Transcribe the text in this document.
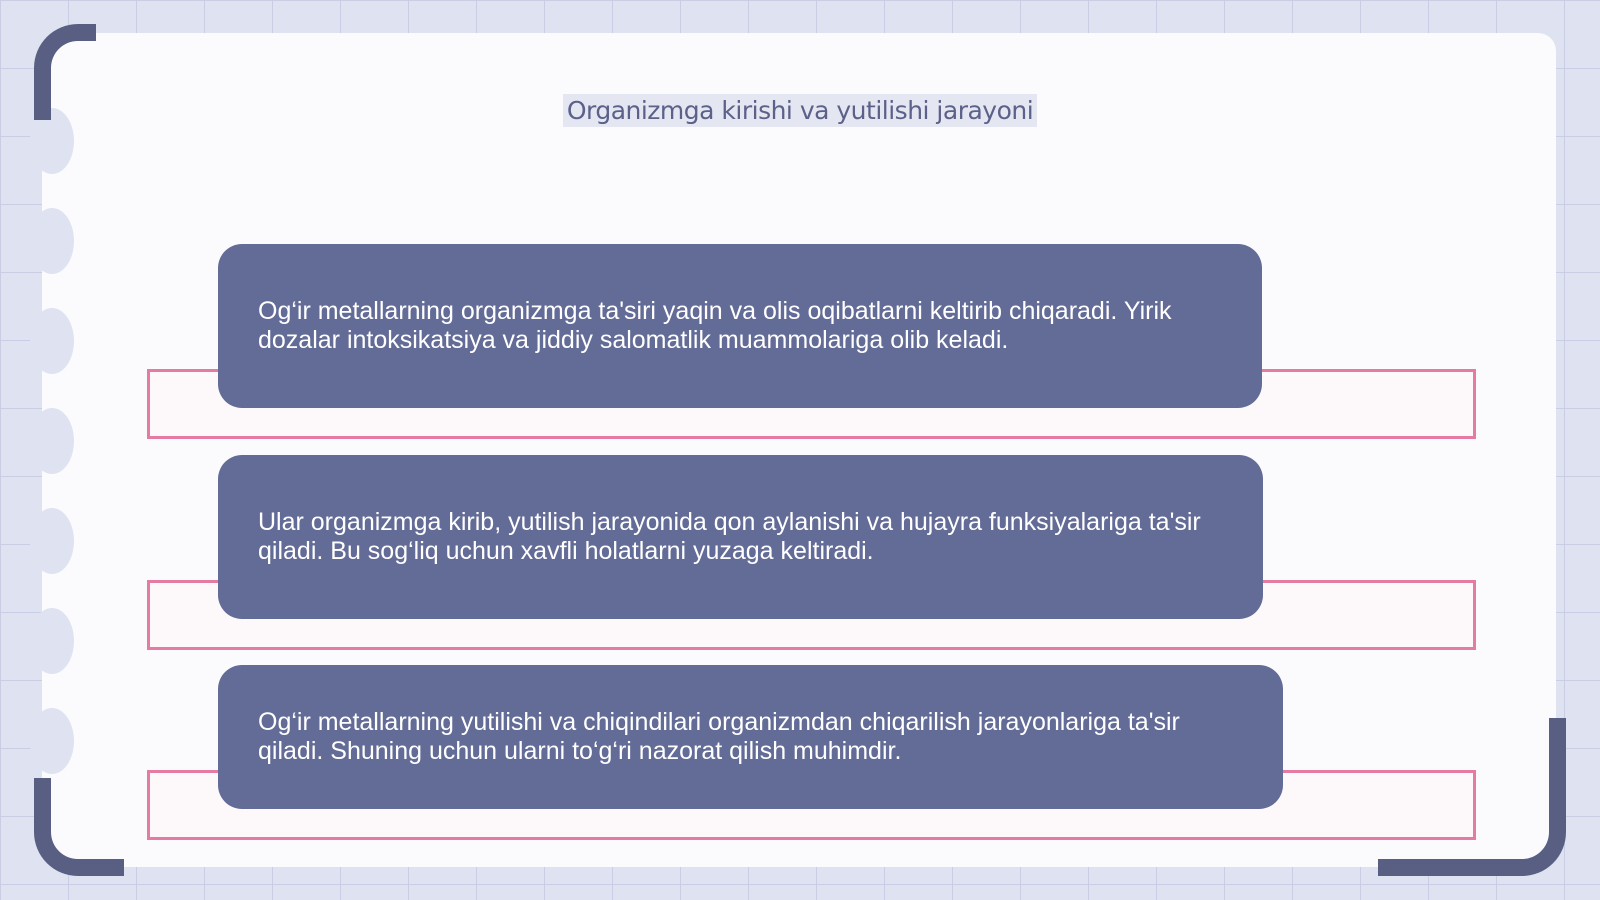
Organizmga kirishi va yutilishi jarayoni
Og‘ir metallarning organizmga ta'siri yaqin va olis oqibatlarni keltirib chiqaradi. Yirik dozalar intoksikatsiya va jiddiy salomatlik muammolariga olib keladi.
Ular organizmga kirib, yutilish jarayonida qon aylanishi va hujayra funksiyalariga ta'sir qiladi. Bu sog‘liq uchun xavfli holatlarni yuzaga keltiradi.
Og‘ir metallarning yutilishi va chiqindilari organizmdan chiqarilish jarayonlariga ta'sir qiladi. Shuning uchun ularni to‘g‘ri nazorat qilish muhimdir.
